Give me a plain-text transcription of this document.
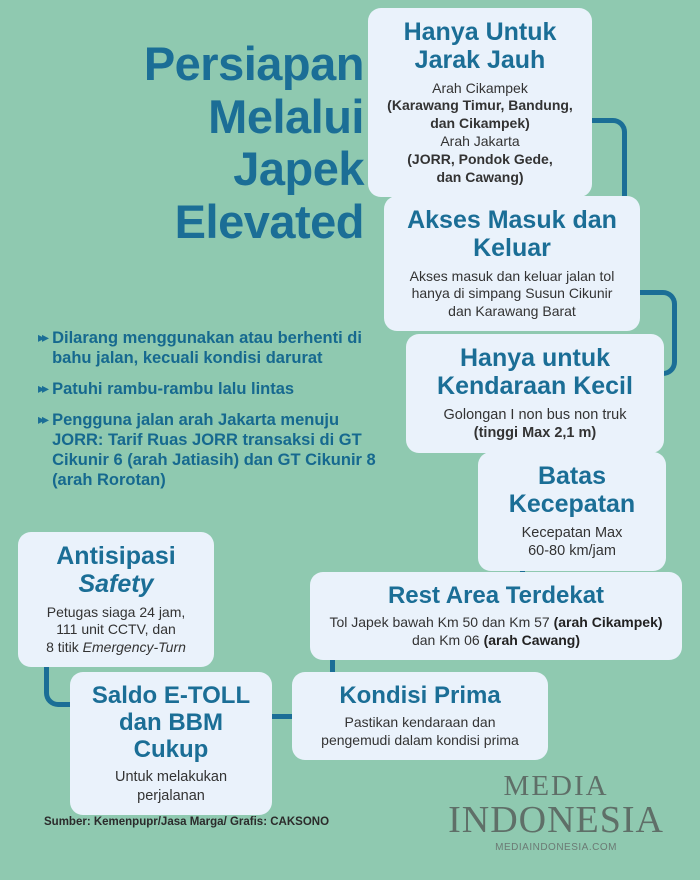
Persiapan
Melalui
Japek
Elevated
▸▸ Dilarang menggunakan atau berhenti di bahu jalan, kecuali kondisi darurat
▸▸ Patuhi rambu-rambu lalu lintas
▸▸ Pengguna jalan arah Jakarta menuju JORR: Tarif Ruas JORR transaksi di GT Cikunir 6 (arah Jatiasih) dan GT Cikunir 8 (arah Rorotan)
Hanya Untuk Jarak Jauh
Arah Cikampek
(Karawang Timur, Bandung,
dan Cikampek)
Arah Jakarta
(JORR, Pondok Gede,
dan Cawang)
Akses Masuk dan Keluar
Akses masuk dan keluar jalan tol
hanya di simpang Susun Cikunir
dan Karawang Barat
Hanya untuk Kendaraan Kecil
Golongan I non bus non truk
(tinggi Max 2,1 m)
Batas Kecepatan
Kecepatan Max
60-80 km/jam
Rest Area Terdekat
Tol Japek bawah Km 50 dan Km 57 (arah Cikampek)
dan Km 06 (arah Cawang)
Kondisi Prima
Pastikan kendaraan dan
pengemudi dalam kondisi prima
Saldo E-TOLL dan BBM Cukup
Untuk melakukan
perjalanan
Antisipasi
Safety
Petugas siaga 24 jam,
111 unit CCTV, dan
8 titik Emergency-Turn
Sumber: Kemenpupr/Jasa Marga/ Grafis: CAKSONO
MEDIA
INDONESIA
MEDIAINDONESIA.COM
